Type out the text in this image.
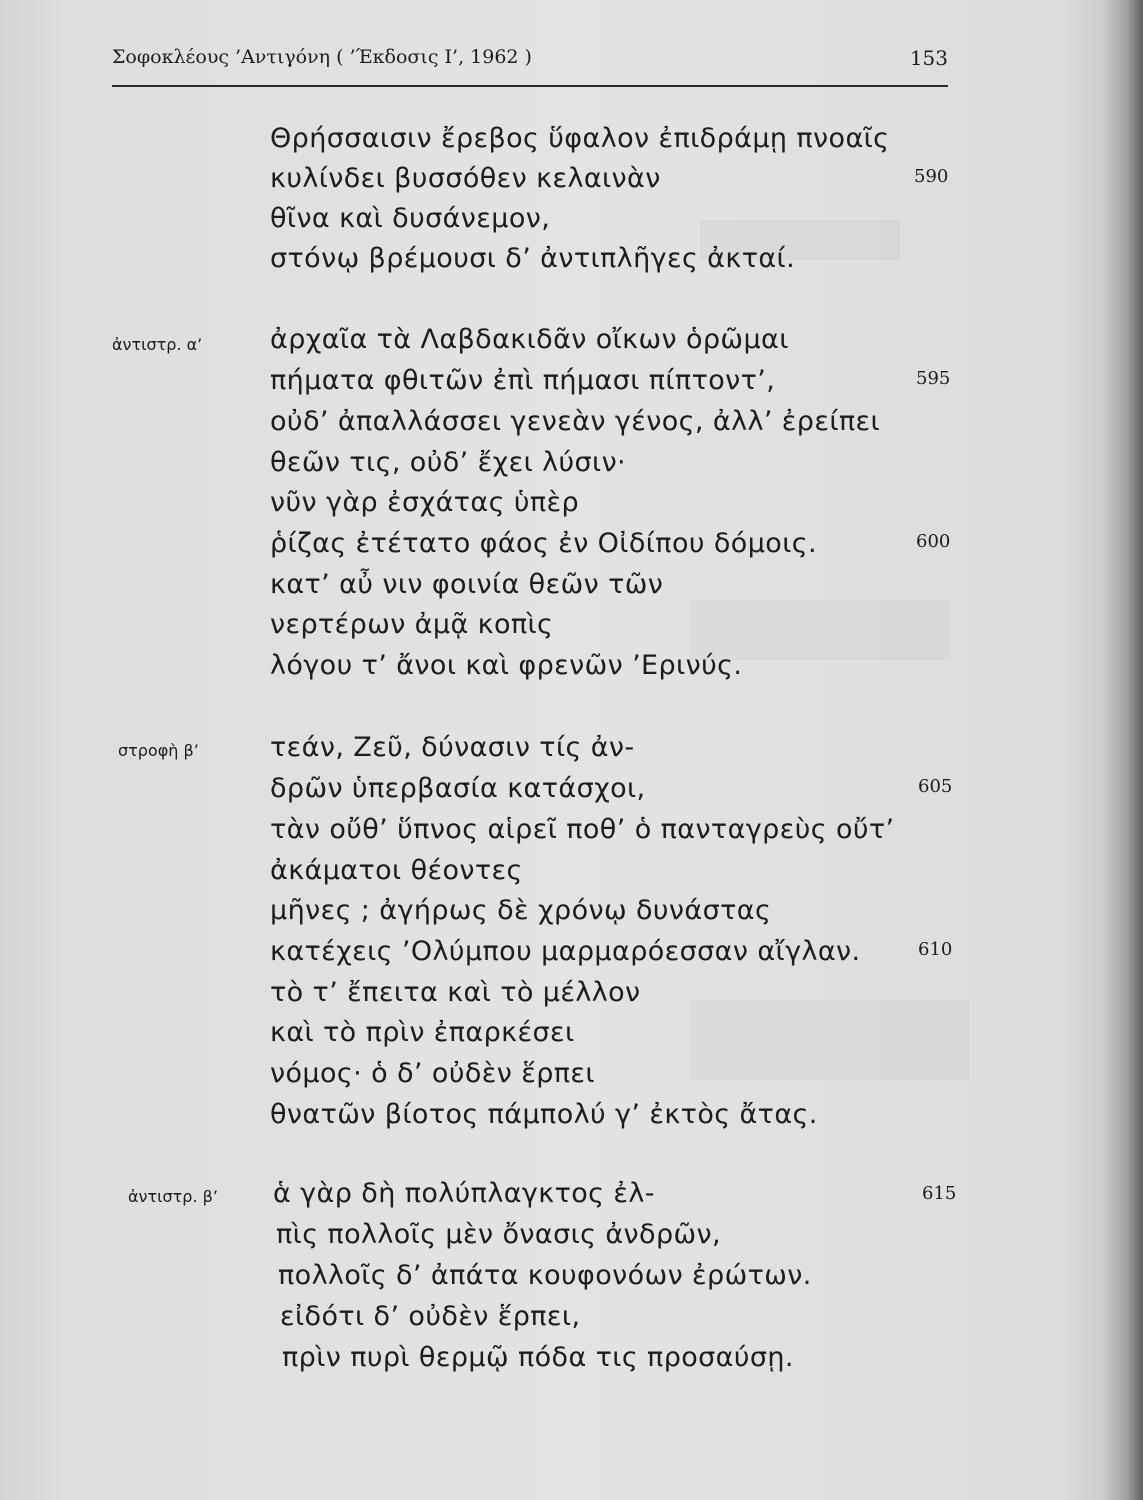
Σοφοκλέους ’Αντιγόνη ( ’Έκδοσις Ι’, 1962 )	153
Θρήσσαισιν ἔρεβος ὕφαλον ἐπιδράμῃ πνοαῖς
κυλίνδει βυσσόθεν κελαινὰν	590
θῖνα καὶ δυσάνεμον,
στόνῳ βρέμουσι δ’ ἀντιπλῆγες ἀκταί.
ἀντιστρ. α’	ἀρχαῖα τὰ Λαβδακιδᾶν οἴκων ὁρῶμαι
πήματα φθιτῶν ἐπὶ πήμασι πίπτοντ’,	595
οὐδ’ ἀπαλλάσσει γενεὰν γένος, ἀλλ’ ἐρείπει
θεῶν τις, οὐδ’ ἔχει λύσιν·
νῦν γὰρ ἐσχάτας ὑπὲρ
ῥίζας ἐτέτατο φάος ἐν Οἰδίπου δόμοις.	600
κατ’ αὖ νιν φοινία θεῶν τῶν
νερτέρων ἀμᾷ κοπὶς
λόγου τ’ ἄνοι καὶ φρενῶν ’Ερινύς.
στροφὴ β’	τεάν, Ζεῦ, δύνασιν τίς ἀν-
δρῶν ὑπερβασία κατάσχοι,	605
τὰν οὔθ’ ὕπνος αἱρεῖ ποθ’ ὁ πανταγρεὺς οὔτ’
ἀκάματοι θέοντες
μῆνες ; ἀγήρως δὲ χρόνῳ δυνάστας
κατέχεις ’Ολύμπου μαρμαρόεσσαν αἴγλαν.	610
τὸ τ’ ἔπειτα καὶ τὸ μέλλον
καὶ τὸ πρὶν ἐπαρκέσει
νόμος· ὁ δ’ οὐδὲν ἕρπει
θνατῶν βίοτος πάμπολύ γ’ ἐκτὸς ἄτας.
ἀντιστρ. β’ ἁ γὰρ δὴ πολύπλαγκτος ἐλ-	615
πὶς πολλοῖς μὲν ὄνασις ἀνδρῶν,
πολλοῖς δ’ ἀπάτα κουφονόων ἐρώτων.
εἰδότι δ’ οὐδὲν ἕρπει,
πρὶν πυρὶ θερμῷ πόδα τις προσαύσῃ.
